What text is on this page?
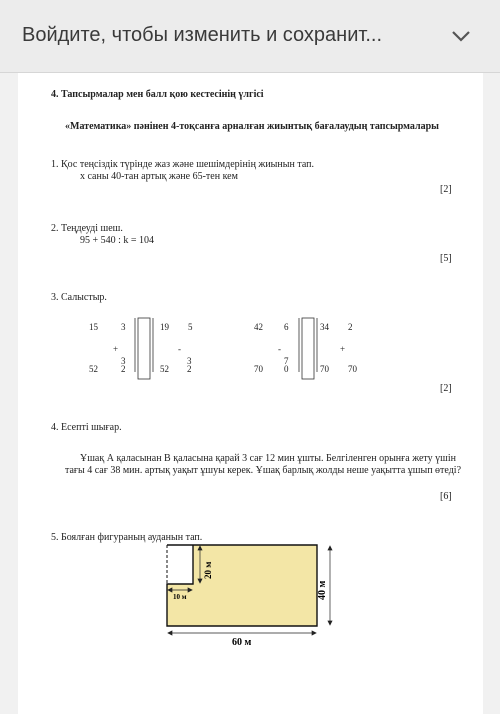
Войдите, чтобы изменить и сохранит...
4. Тапсырмалар мен балл қою кестесінің үлгісі
«Математика» пәнінен 4-тоқсанға арналған жиынтық бағалаудың тапсырмалары
1. Қос теңсіздік түрінде жаз және шешімдерінің жиынын тап.
х саны 40-тан артық және 65-тен кем
[2]
2. Теңдеуді шеш.
95 + 540 : k = 104
[5]
3. Салыстыр.
15	3	19 5
+	-
3	3
52	2	52 2
42 6	34 2
-	+
7
70 0	70 70
[2]
4. Есепті шығар.
Ұшақ А қаласынан В қаласына қарай 3 сағ 12 мин ұшты. Белгіленген орынға жету үшін
тағы 4 сағ 38 мин. артық уақыт ұшуы керек. Ұшақ барлық жолды неше уақытта ұшып өтеді?
[6]
5. Боялған фигураның ауданын тап.
20 м
10 м	40 м
60 м
